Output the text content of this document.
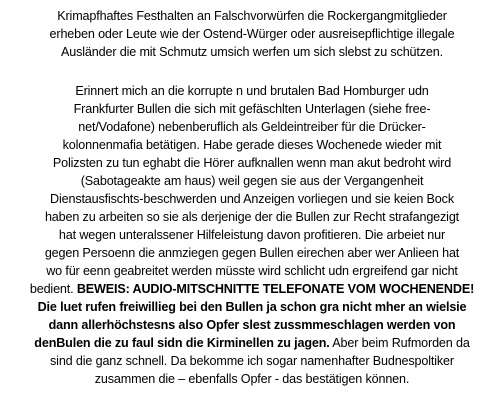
Krimapfhaftes Festhalten an Falschvorwürfen die Rockergangmitglieder
erheben oder Leute wie der Ostend-Würger oder ausreisepflichtige illegale
Ausländer die mit Schmutz umsich werfen um sich slebst zu schützen.
Erinnert mich an die korrupte n und brutalen Bad Homburger udn
Frankfurter Bullen die sich mit gefäschlten Unterlagen (siehe free-
net/Vodafone) nebenberuflich als Geldeintreiber für die Drücker-
kolonnenmafia betätigen. Habe gerade dieses Wochenede wieder mit
Polizsten zu tun eghabt die Hörer aufknallen wenn man akut bedroht wird
(Sabotageakte am haus) weil gegen sie aus der Vergangenheit
Dienstausfischts-beschwerden und Anzeigen vorliegen und sie keien Bock
haben zu arbeiten so sie als derjenige der die Bullen zur Recht strafangezigt
hat wegen unteralssener Hilfeleistung davon profitieren. Die arbeiet nur
gegen Persoenn die anmziegen gegen Bullen eirechen aber wer Anlieen hat
wo für eenn geabreitet werden müsste wird schlicht udn ergreifend gar nicht
bedient. BEWEIS: AUDIO-MITSCHNITTE TELEFONATE VOM WOCHENENDE!
Die luet rufen freiwillieg bei den Bullen ja schon gra nicht mher an wielsie
dann allerhöchstesns also Opfer slest zussmmeschlagen werden von
denBulen die zu faul sidn die Kirminellen zu jagen. Aber beim Rufmorden da
sind die ganz schnell. Da bekomme ich sogar namenhafter Budnespoltiker
zusammen die – ebenfalls Opfer - das bestätigen können.
